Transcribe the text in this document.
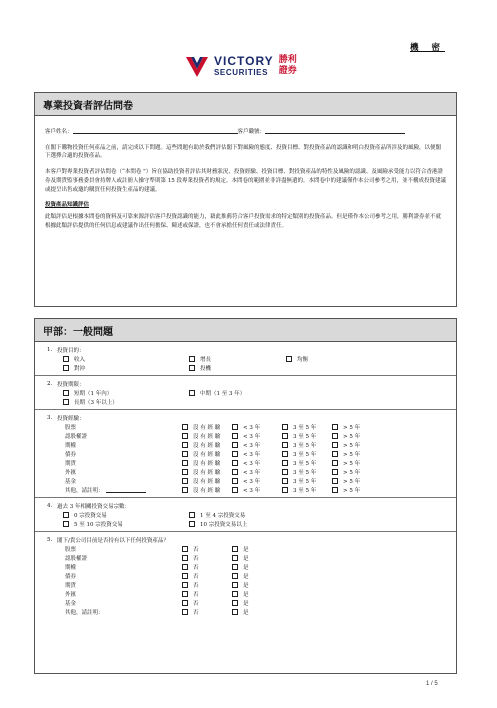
機 密
VICTORY
SECURITIES
勝利
證券
專業投資者評估問卷
客戶姓名：	客戶職號：

在閣下購物投資任何產品之前，請完成以下問題。這些問題有助於我們評估閣下對風險的態度、投資目標、對投資產品的認識和明白投資產品所涉及的風險，以便閣下選擇合適的投資產品。

本客戶對專業投資者評估問卷（“本問卷 ”）旨在協助投資者評估其財務狀況、投資經驗、投資目標、對投資產品的特性及風險的認識、及風險承受能力以符合香港證券及期貨監事務委員會持牌人或註冊人操守準則第 15 段專業投資者的規定。本問卷的範圍並非詳盡無遺的。本問卷中的建議僅作本公司參考之用，並不構成投資建議或提呈出售或邀約購買任何投資生產品的建議。

投資產品知識評估

此類評估是根據本問卷的資料及可靠來源評估客戶投資認識的能力，藉此推薦符合客戶投資需求的特定類別的投資產品。但是僅作本公司參考之用，勝利證券並不就根據此類評估提供的任何信息或建議作出任何擔保、陳述或保證，也不會承擔任何責任或法律責任。

甲部：一般問題
1. 投資目的：
收入	增長	均衡
對沖	投機
2. 投資期限：
短期（1 年內）	中期（1 至 3 年）
長期（3 年以上）
3. 投資經驗：
股票	沒 有 經 驗	< 3 年	3 至 5 年	> 5 年
認股權證	沒 有 經 驗	< 3 年	3 至 5 年	> 5 年
期權	沒 有 經 驗	< 3 年	3 至 5 年	> 5 年
債券	沒 有 經 驗	< 3 年	3 至 5 年	> 5 年
期貨	沒 有 經 驗	< 3 年	3 至 5 年	> 5 年
外匯	沒 有 經 驗	< 3 年	3 至 5 年	> 5 年
基金	沒 有 經 驗	< 3 年	3 至 5 年	> 5 年
其他，請註明：	沒 有 經 驗	< 3 年	3 至 5 年	> 5 年
4. 過去 3 年相關投資交易宗數：
0 宗投資交易	1 至 4 宗投資交易
5 至 10 宗投資交易	10 宗投資交易以上
5. 閣下/貴公司目前是否持有以下任何投資產品？
股票	否	是
認股權證	否	是
期權	否	是
債券	否	是
期貨	否	是
外匯	否	是
基金	否	是
其他，請註明：	否	是
1 / 5
